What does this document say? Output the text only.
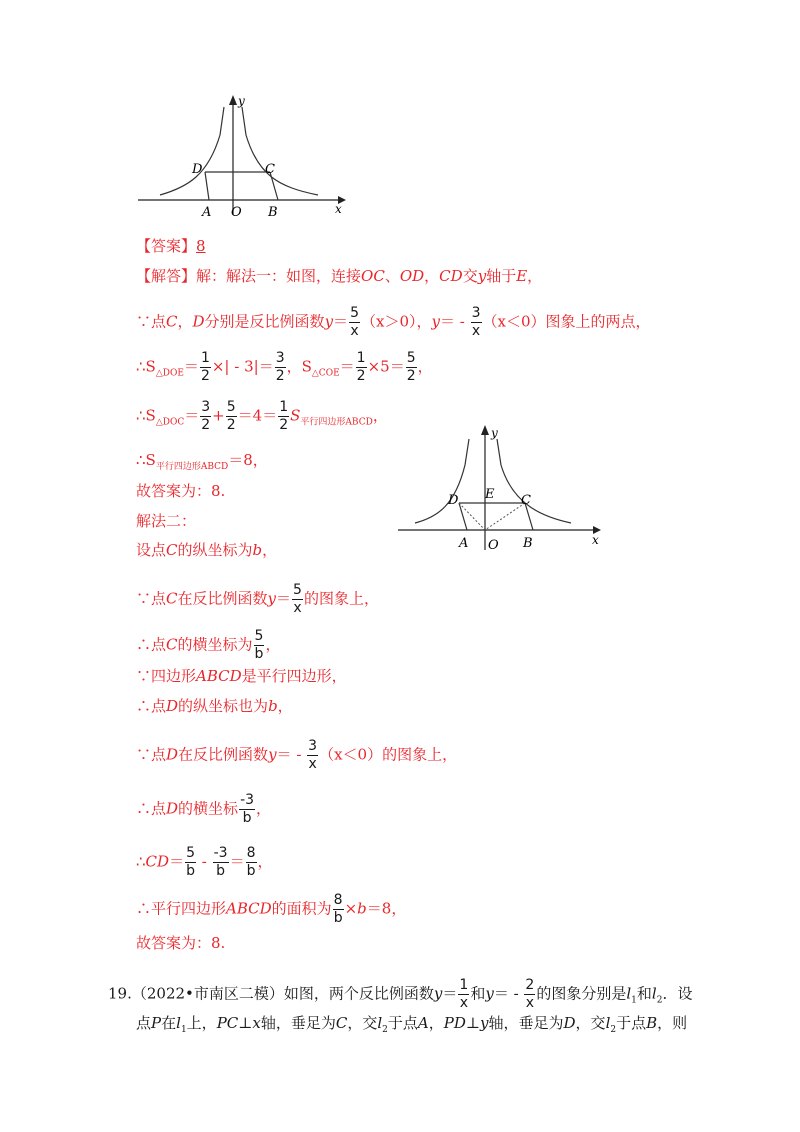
y
x
D	C
A O B
【答案】8
【解答】解：解法一：如图，连接OC、OD，CD交y轴于E，
∵点C，D分别是反比例函数$y= \frac{5}{x} (x>0)$，$y= - \frac{3}{x} (x<0)$图象上的两点，
$\therefore S_{\triangle DOE}= \frac{1}{2}$ ×| - $3|= \frac{3}{2}$ ，$S_{\triangle COE}= \frac{1}{2} \times 5= \frac{5}{2}$ ，
$\therefore S_{\triangle DOC}= \frac{3}{2} + \frac{5}{2} =4= \frac{1}{2} S_{平行四边形ABCD}$，
$\therefore S_{平行四边形ABCD}=8$，
故答案为：8.
解法二：
y
x
D E C
A O B
设点C的纵坐标为b，
∵点C在反比例函数$y= \frac{5}{x}$ 的图象上，
∴点C的横坐标为 $\frac{5}{b}$ ，
∵四边形ABCD是平行四边形，
∴点D的纵坐标也为b，
∵点D在反比例函数$y= - \frac{3}{x} (x<0)$的图象上，
∴点D的横坐标 $\frac{-3}{b}$ ，
∴CD＝ $\frac{5}{b} - \frac{-3}{b} = \frac{8}{b}$ ，
∴平行四边形ABCD的面积为 $\frac{8}{b} \times b=8$，
故答案为：8.
19.（2022•市南区二模）如图，两个反比例函数$y= \frac{1}{x}$ 和$y= - \frac{2}{x}$ 的图象分别是$l_1$和$l_2$．设
点P在$l_1$上，PC⊥x轴，垂足为C，交$l_2$于点A，PD⊥y轴，垂足为D，交$l_2$于点B，则
